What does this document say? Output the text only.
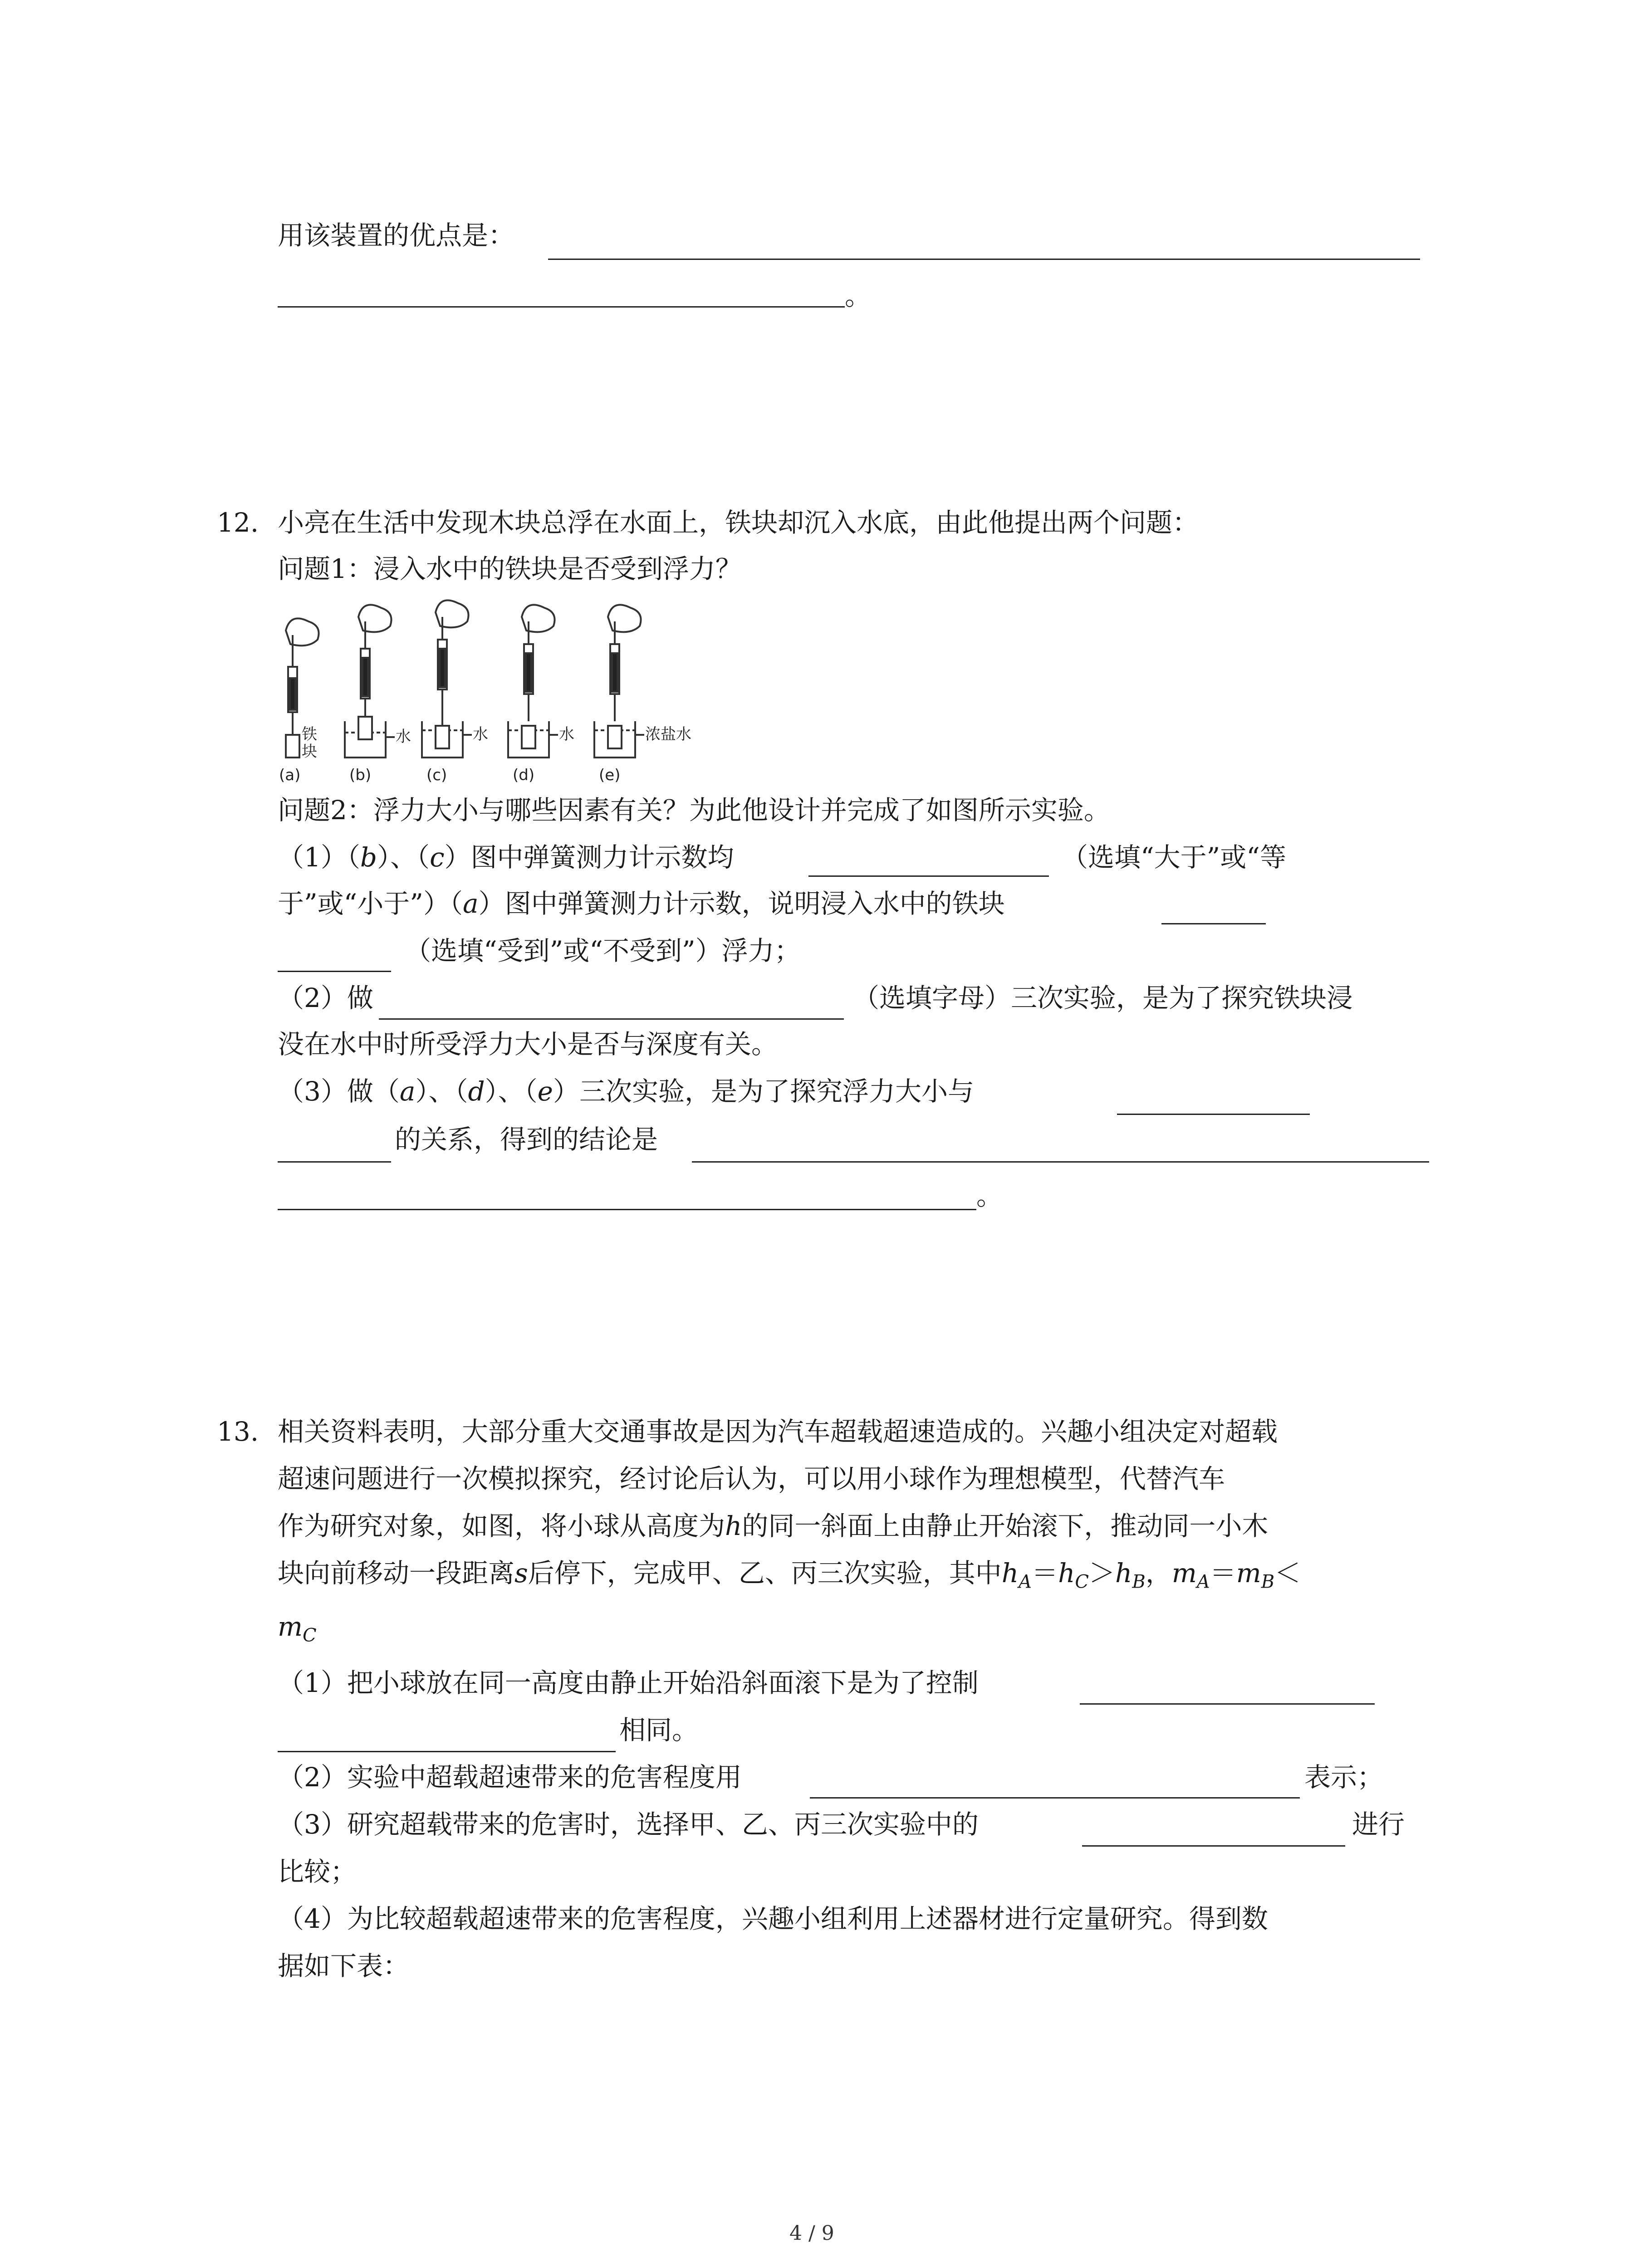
用该装置的优点是：
。
12. 小亮在生活中发现木块总浮在水面上，铁块却沉入水底，由此他提出两个问题：
问题1：浸入水中的铁块是否受到浮力？
铁
块
水	水	水	浓盐水
(a)	(b)	(c)	(d)	(e)
问题2：浮力大小与哪些因素有关？为此他设计并完成了如图所示实验。
（1）（b）、（c）图中弹簧测力计示数均	（选填“大于”或“等
于”或“小于”）（a）图中弹簧测力计示数，说明浸入水中的铁块
（选填“受到”或“不受到”）浮力；
（2）做	（选填字母）三次实验，是为了探究铁块浸
没在水中时所受浮力大小是否与深度有关。
（3）做（a）、（d）、（e）三次实验，是为了探究浮力大小与
的关系，得到的结论是
。
13. 相关资料表明，大部分重大交通事故是因为汽车超载超速造成的。兴趣小组决定对超载
超速问题进行一次模拟探究，经讨论后认为，可以用小球作为理想模型，代替汽车
作为研究对象，如图，将小球从高度为h的同一斜面上由静止开始滚下，推动同一小木
块向前移动一段距离s后停下，完成甲、乙、丙三次实验，其中$h_A=h_C>h_B$，$m_A=m_B<$
$m_C$
（1）把小球放在同一高度由静止开始沿斜面滚下是为了控制
相同。
（2）实验中超载超速带来的危害程度用	表示；
（3）研究超载带来的危害时，选择甲、乙、丙三次实验中的	进行
比较；
（4）为比较超载超速带来的危害程度，兴趣小组利用上述器材进行定量研究。得到数
据如下表：
4 / 9
